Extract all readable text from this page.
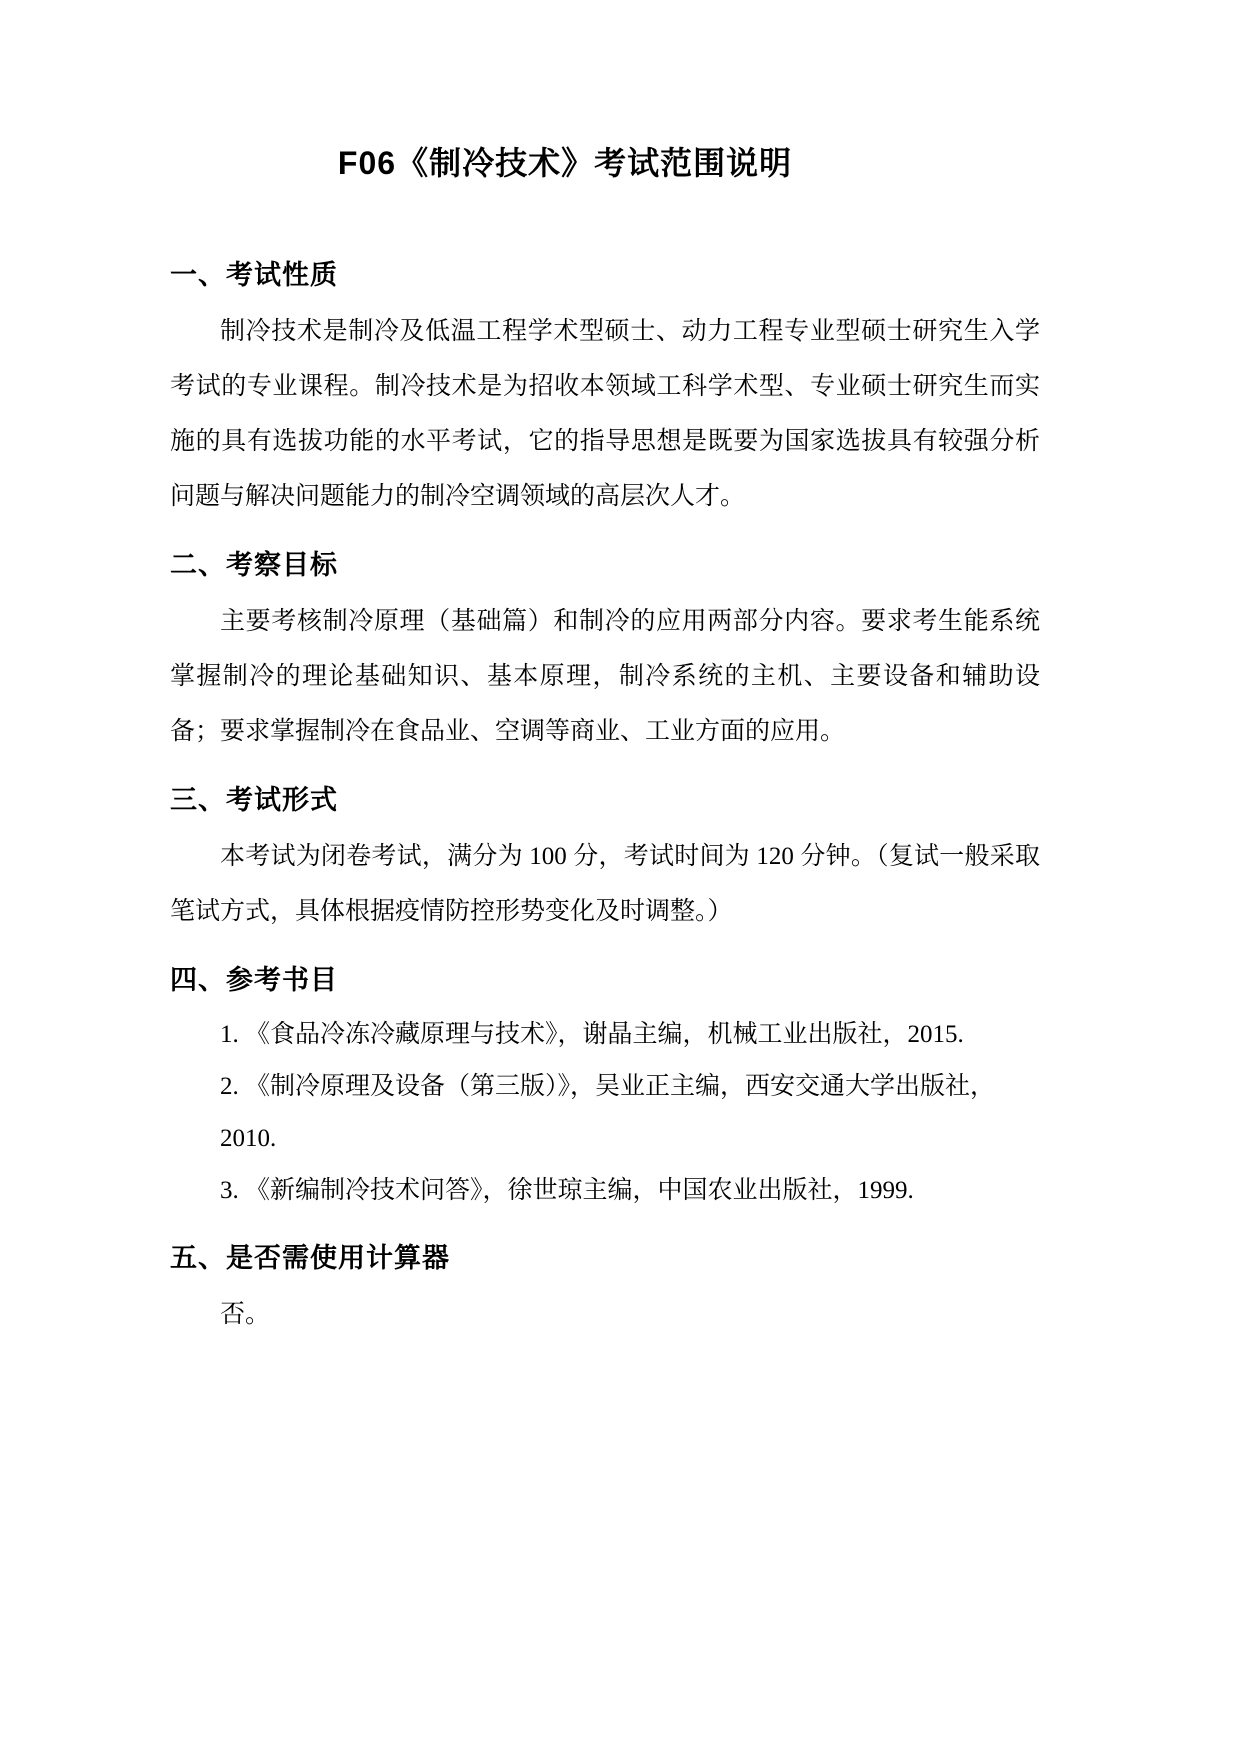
F06《制冷技术》考试范围说明
一、考试性质

制冷技术是制冷及低温工程学术型硕士、动力工程专业型硕士研究生入学考试的专业课程。制冷技术是为招收本领域工科学术型、专业硕士研究生而实施的具有选拔功能的水平考试，它的指导思想是既要为国家选拔具有较强分析问题与解决问题能力的制冷空调领域的高层次人才。

二、考察目标

主要考核制冷原理（基础篇）和制冷的应用两部分内容。要求考生能系统掌握制冷的理论基础知识、基本原理，制冷系统的主机、主要设备和辅助设备；要求掌握制冷在食品业、空调等商业、工业方面的应用。

三、考试形式

本考试为闭卷考试，满分为 100 分，考试时间为 120 分钟。（复试一般采取笔试方式，具体根据疫情防控形势变化及时调整。）

四、参考书目
1. 《食品冷冻冷藏原理与技术》，谢晶主编，机械工业出版社，2015.
2. 《制冷原理及设备（第三版）》，吴业正主编，西安交通大学出版社，2010.
3. 《新编制冷技术问答》，徐世琼主编，中国农业出版社，1999.
五、是否需使用计算器

否。
